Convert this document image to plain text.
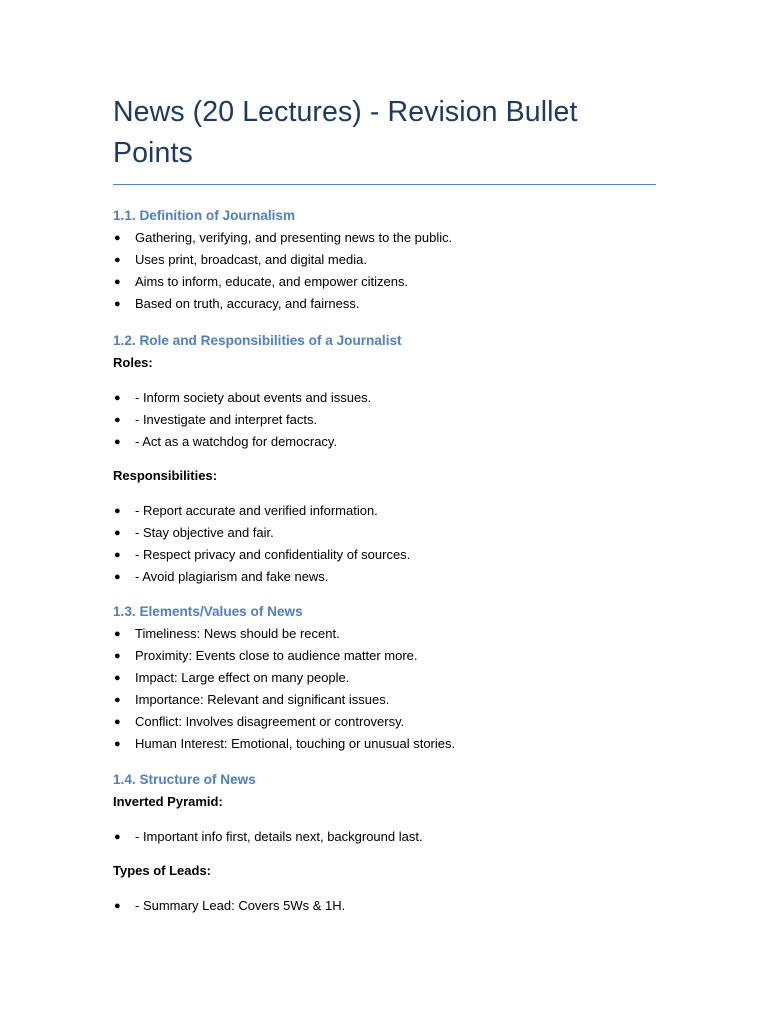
News (20 Lectures) - Revision Bullet Points
1.1. Definition of Journalism
● Gathering, verifying, and presenting news to the public.
● Uses print, broadcast, and digital media.
● Aims to inform, educate, and empower citizens.
● Based on truth, accuracy, and fairness.
1.2. Role and Responsibilities of a Journalist

Roles:

● - Inform society about events and issues.
● - Investigate and interpret facts.
● - Act as a watchdog for democracy.

Responsibilities:

● - Report accurate and verified information.
● - Stay objective and fair.
● - Respect privacy and confidentiality of sources.
● - Avoid plagiarism and fake news.
1.3. Elements/Values of News
● Timeliness: News should be recent.
● Proximity: Events close to audience matter more.
● Impact: Large effect on many people.
● Importance: Relevant and significant issues.
● Conflict: Involves disagreement or controversy.
● Human Interest: Emotional, touching or unusual stories.
1.4. Structure of News

Inverted Pyramid:

● - Important info first, details next, background last.

Types of Leads:

● - Summary Lead: Covers 5Ws & 1H.
